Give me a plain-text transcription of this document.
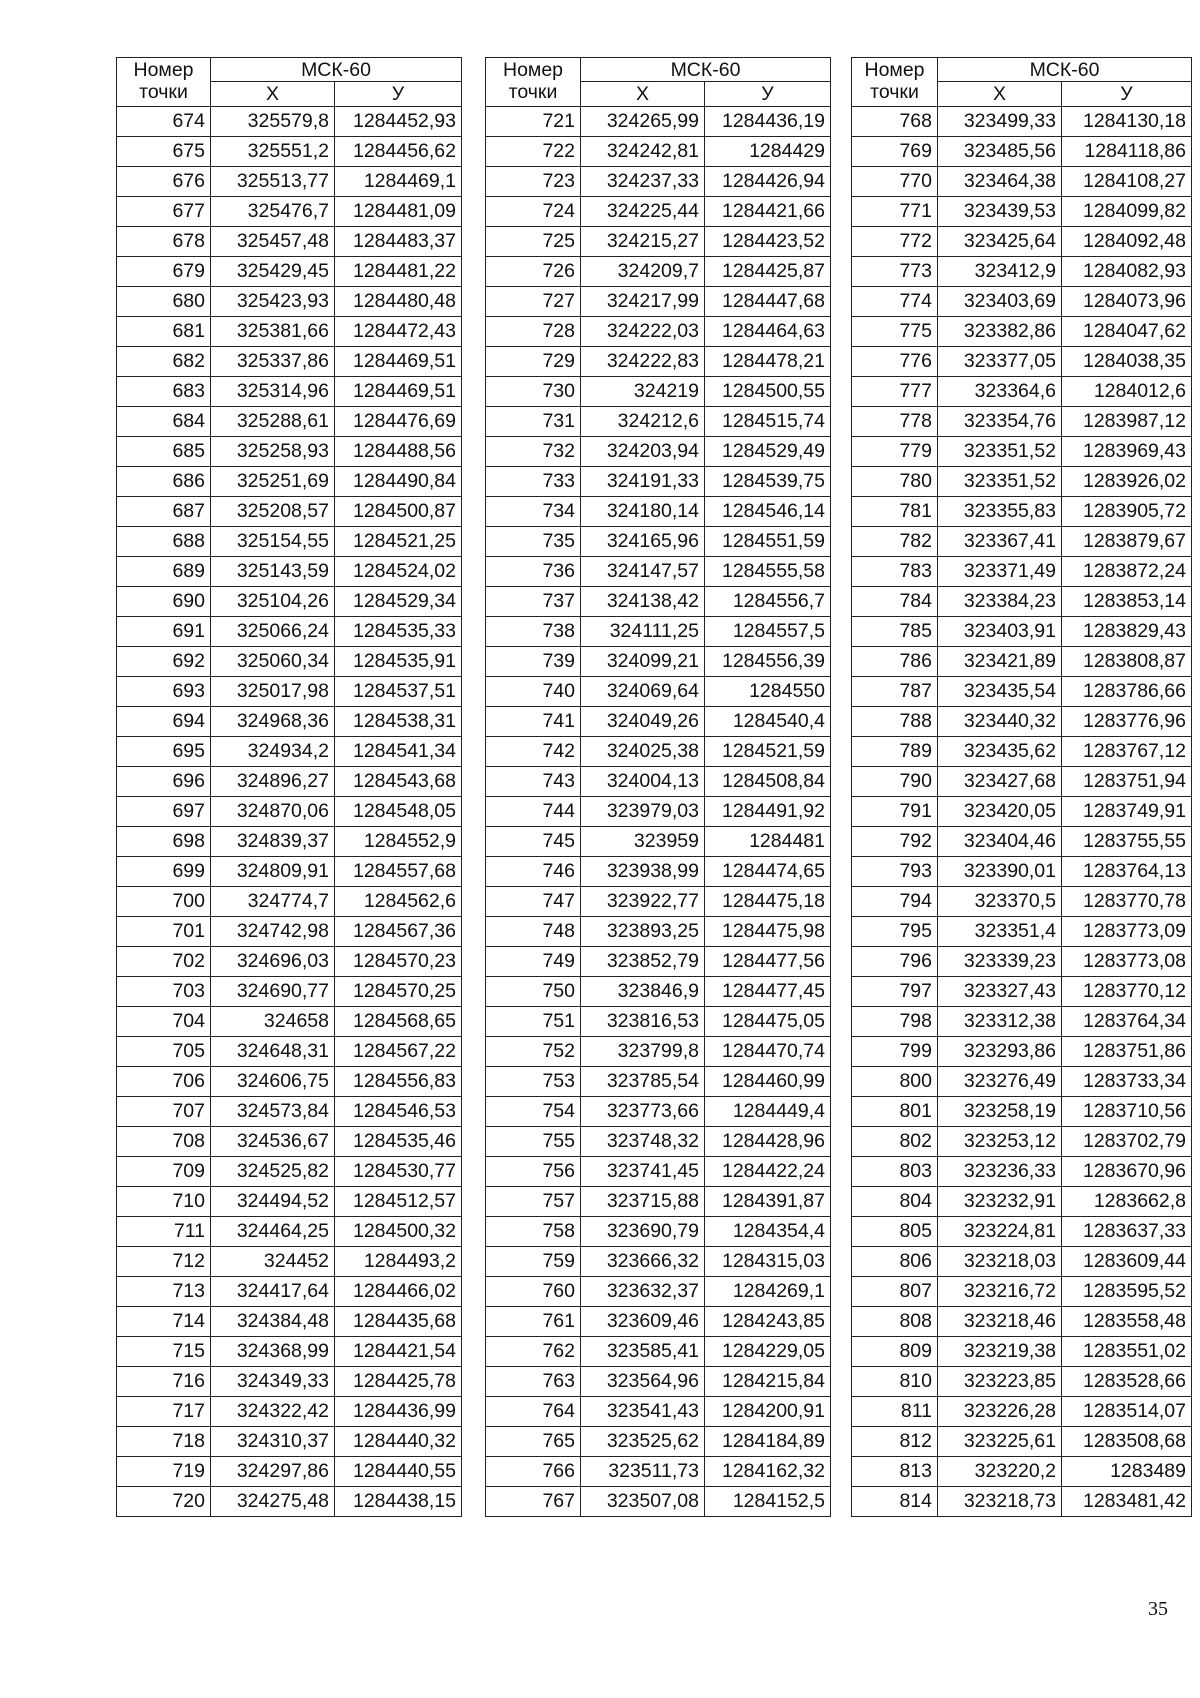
Номер
точки	МСК-60	
	Х	У
674	325579,8	1284452,93
675	325551,2	1284456,62
676	325513,77	1284469,1
677	325476,7	1284481,09
678	325457,48	1284483,37
679	325429,45	1284481,22
680	325423,93	1284480,48
681	325381,66	1284472,43
682	325337,86	1284469,51
683	325314,96	1284469,51
684	325288,61	1284476,69
685	325258,93	1284488,56
686	325251,69	1284490,84
687	325208,57	1284500,87
688	325154,55	1284521,25
689	325143,59	1284524,02
690	325104,26	1284529,34
691	325066,24	1284535,33
692	325060,34	1284535,91
693	325017,98	1284537,51
694	324968,36	1284538,31
695	324934,2	1284541,34
696	324896,27	1284543,68
697	324870,06	1284548,05
698	324839,37	1284552,9
699	324809,91	1284557,68
700	324774,7	1284562,6
701	324742,98	1284567,36
702	324696,03	1284570,23
703	324690,77	1284570,25
704	324658	1284568,65
705	324648,31	1284567,22
706	324606,75	1284556,83
707	324573,84	1284546,53
708	324536,67	1284535,46
709	324525,82	1284530,77
710	324494,52	1284512,57
711	324464,25	1284500,32
712	324452	1284493,2
713	324417,64	1284466,02
714	324384,48	1284435,68
715	324368,99	1284421,54
716	324349,33	1284425,78
717	324322,42	1284436,99
718	324310,37	1284440,32
719	324297,86	1284440,55
720	324275,48	1284438,15
Номер
точки	МСК-60	
	Х	У
721	324265,99	1284436,19
722	324242,81	1284429
723	324237,33	1284426,94
724	324225,44	1284421,66
725	324215,27	1284423,52
726	324209,7	1284425,87
727	324217,99	1284447,68
728	324222,03	1284464,63
729	324222,83	1284478,21
730	324219	1284500,55
731	324212,6	1284515,74
732	324203,94	1284529,49
733	324191,33	1284539,75
734	324180,14	1284546,14
735	324165,96	1284551,59
736	324147,57	1284555,58
737	324138,42	1284556,7
738	324111,25	1284557,5
739	324099,21	1284556,39
740	324069,64	1284550
741	324049,26	1284540,4
742	324025,38	1284521,59
743	324004,13	1284508,84
744	323979,03	1284491,92
745	323959	1284481
746	323938,99	1284474,65
747	323922,77	1284475,18
748	323893,25	1284475,98
749	323852,79	1284477,56
750	323846,9	1284477,45
751	323816,53	1284475,05
752	323799,8	1284470,74
753	323785,54	1284460,99
754	323773,66	1284449,4
755	323748,32	1284428,96
756	323741,45	1284422,24
757	323715,88	1284391,87
758	323690,79	1284354,4
759	323666,32	1284315,03
760	323632,37	1284269,1
761	323609,46	1284243,85
762	323585,41	1284229,05
763	323564,96	1284215,84
764	323541,43	1284200,91
765	323525,62	1284184,89
766	323511,73	1284162,32
767	323507,08	1284152,5
Номер
точки	МСК-60	
	Х	У
768	323499,33	1284130,18
769	323485,56	1284118,86
770	323464,38	1284108,27
771	323439,53	1284099,82
772	323425,64	1284092,48
773	323412,9	1284082,93
774	323403,69	1284073,96
775	323382,86	1284047,62
776	323377,05	1284038,35
777	323364,6	1284012,6
778	323354,76	1283987,12
779	323351,52	1283969,43
780	323351,52	1283926,02
781	323355,83	1283905,72
782	323367,41	1283879,67
783	323371,49	1283872,24
784	323384,23	1283853,14
785	323403,91	1283829,43
786	323421,89	1283808,87
787	323435,54	1283786,66
788	323440,32	1283776,96
789	323435,62	1283767,12
790	323427,68	1283751,94
791	323420,05	1283749,91
792	323404,46	1283755,55
793	323390,01	1283764,13
794	323370,5	1283770,78
795	323351,4	1283773,09
796	323339,23	1283773,08
797	323327,43	1283770,12
798	323312,38	1283764,34
799	323293,86	1283751,86
800	323276,49	1283733,34
801	323258,19	1283710,56
802	323253,12	1283702,79
803	323236,33	1283670,96
804	323232,91	1283662,8
805	323224,81	1283637,33
806	323218,03	1283609,44
807	323216,72	1283595,52
808	323218,46	1283558,48
809	323219,38	1283551,02
810	323223,85	1283528,66
811	323226,28	1283514,07
812	323225,61	1283508,68
813	323220,2	1283489
814	323218,73	1283481,42
35
